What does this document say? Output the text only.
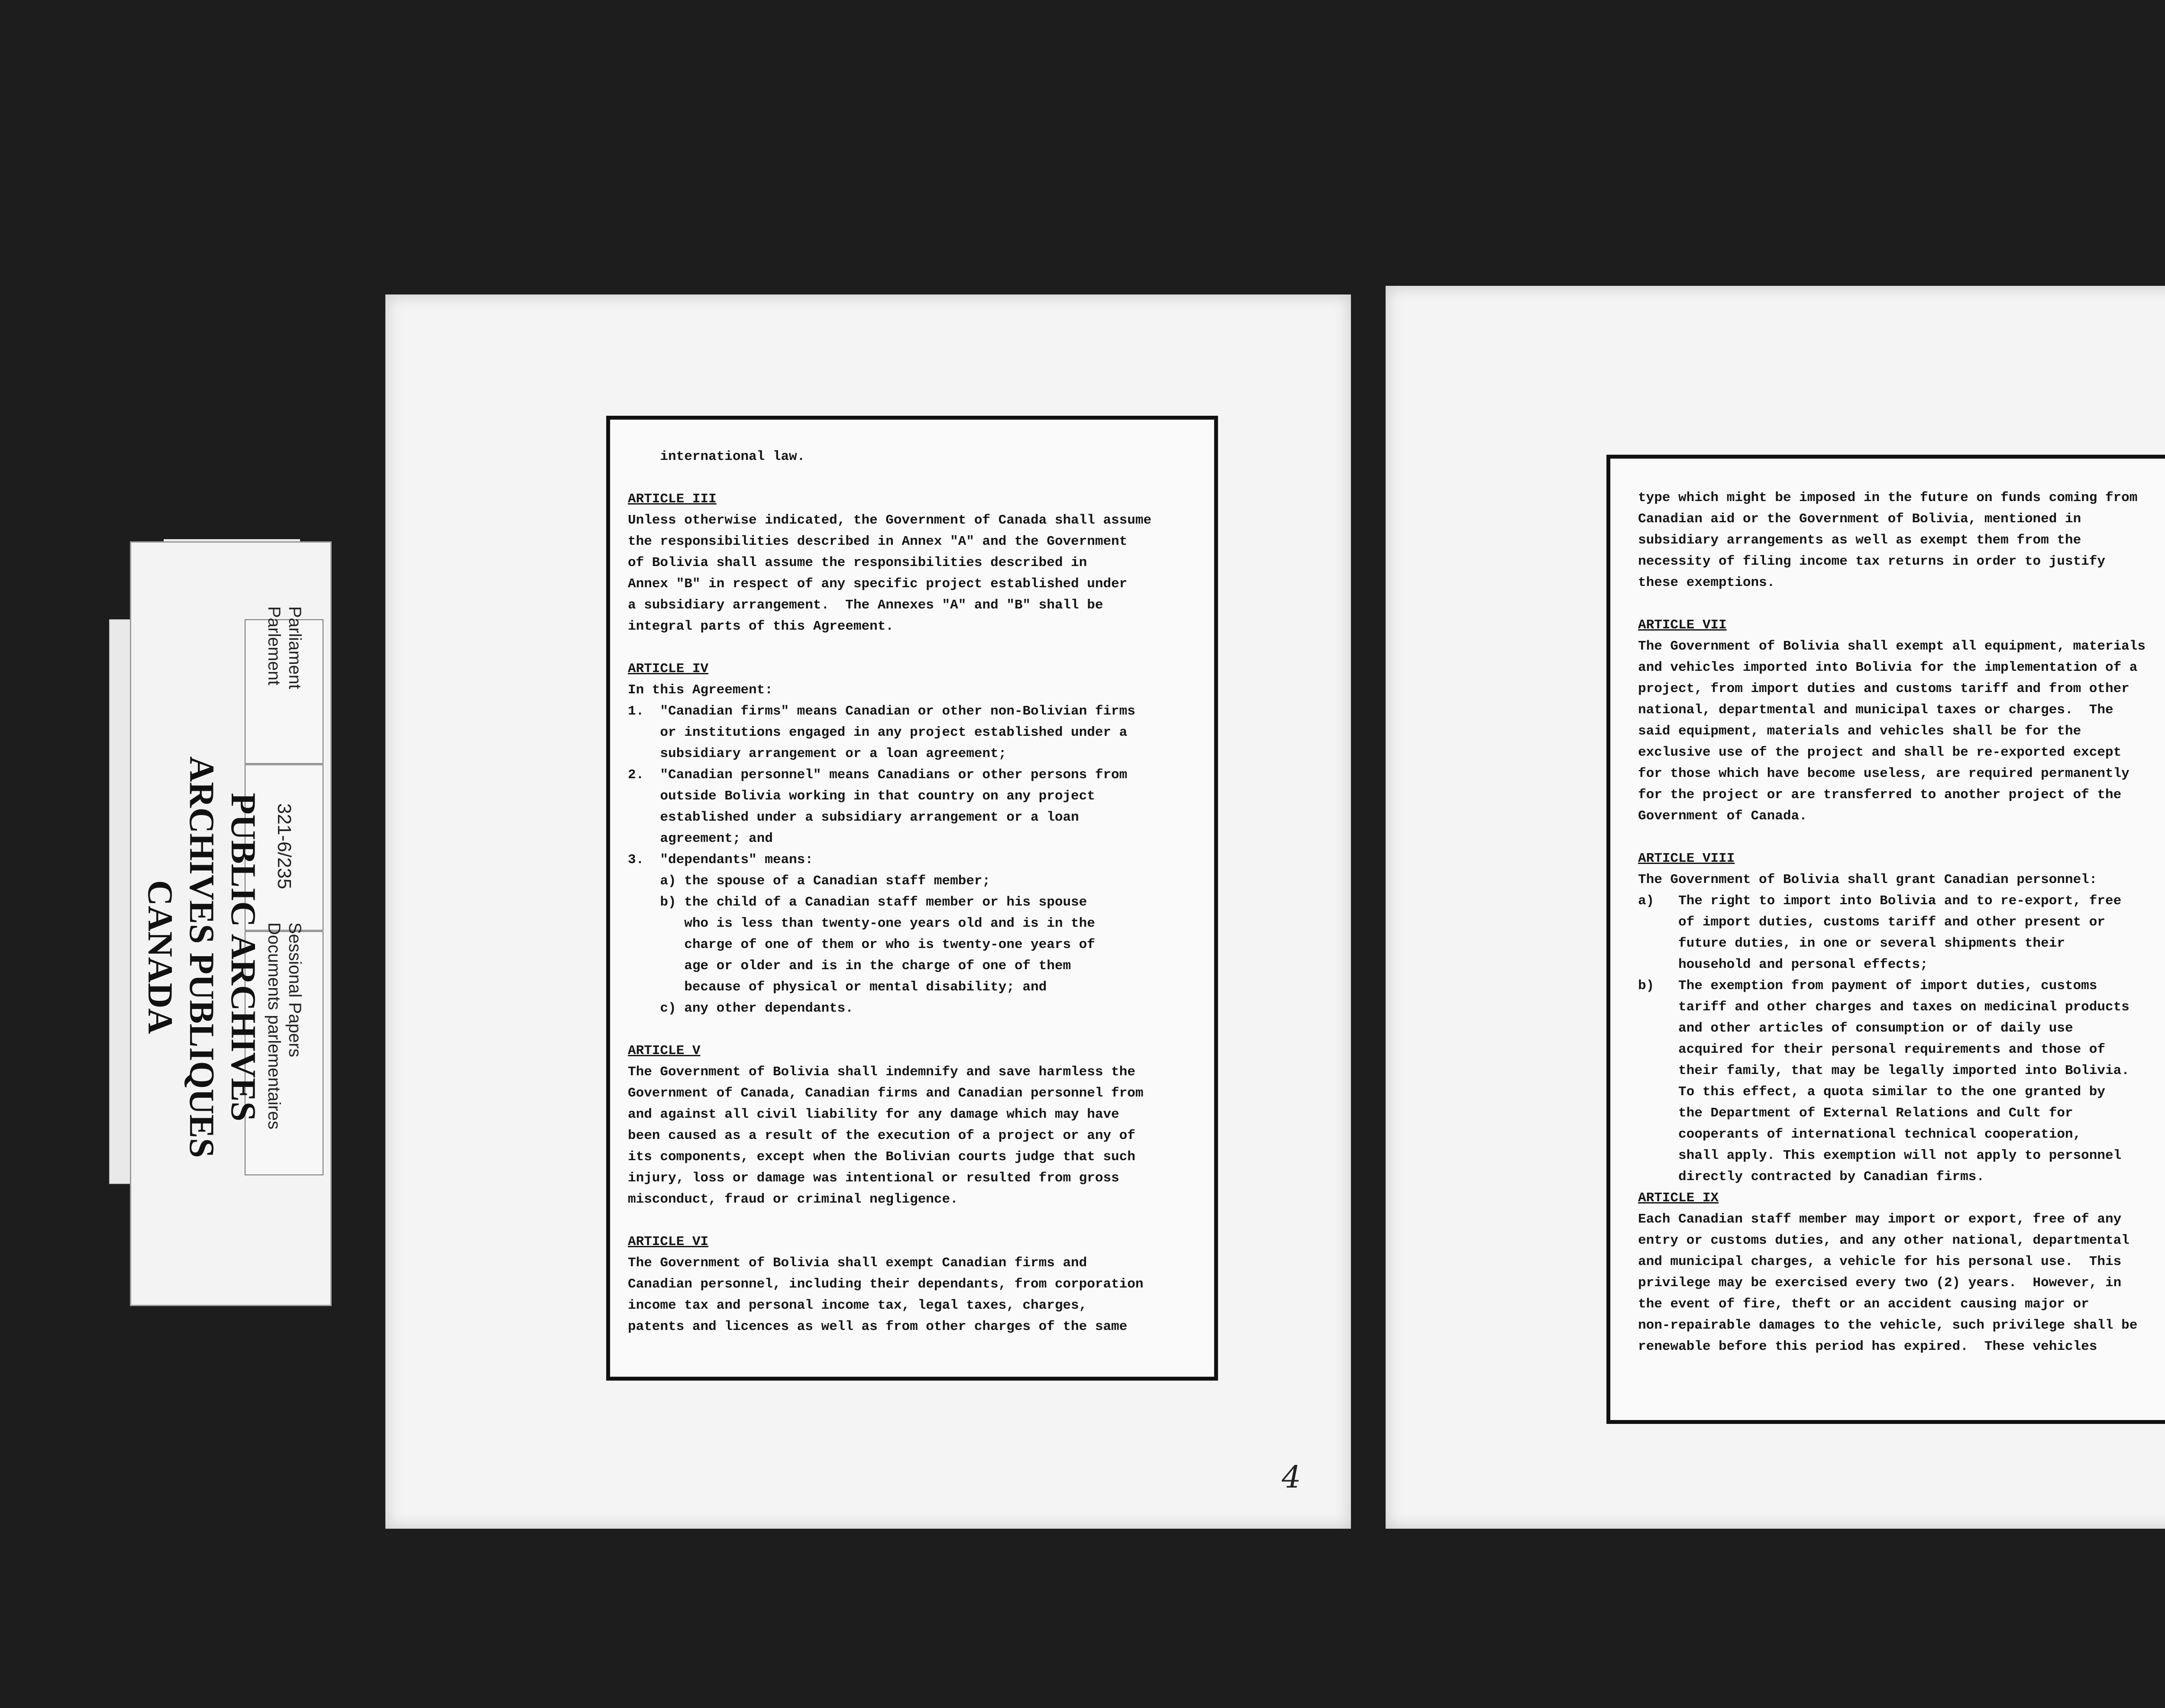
PUBLIC ARCHIVES
ARCHIVES PUBLIQUES
CANADA
Parliament
Parlement
321-6/235
Sessional Papers
Documents parlementaires
international law.

ARTICLE III
Unless otherwise indicated, the Government of Canada shall assume
the responsibilities described in Annex "A" and the Government
of Bolivia shall assume the responsibilities described in
Annex "B" in respect of any specific project established under
a subsidiary arrangement.  The Annexes "A" and "B" shall be
integral parts of this Agreement.

ARTICLE IV
In this Agreement:
1.  "Canadian firms" means Canadian or other non-Bolivian firms
or institutions engaged in any project established under a
subsidiary arrangement or a loan agreement;
2.  "Canadian personnel" means Canadians or other persons from
outside Bolivia working in that country on any project
established under a subsidiary arrangement or a loan
agreement; and
3.  "dependants" means:
a) the spouse of a Canadian staff member;
b) the child of a Canadian staff member or his spouse
who is less than twenty-one years old and is in the
charge of one of them or who is twenty-one years of
age or older and is in the charge of one of them
because of physical or mental disability; and
c) any other dependants.

ARTICLE V
The Government of Bolivia shall indemnify and save harmless the
Government of Canada, Canadian firms and Canadian personnel from
and against all civil liability for any damage which may have
been caused as a result of the execution of a project or any of
its components, except when the Bolivian courts judge that such
injury, loss or damage was intentional or resulted from gross
misconduct, fraud or criminal negligence.

ARTICLE VI
The Government of Bolivia shall exempt Canadian firms and
Canadian personnel, including their dependants, from corporation
income tax and personal income tax, legal taxes, charges,
patents and licences as well as from other charges of the same
4
type which might be imposed in the future on funds coming from
Canadian aid or the Government of Bolivia, mentioned in
subsidiary arrangements as well as exempt them from the
necessity of filing income tax returns in order to justify
these exemptions.

ARTICLE VII
The Government of Bolivia shall exempt all equipment, materials
and vehicles imported into Bolivia for the implementation of a
project, from import duties and customs tariff and from other
national, departmental and municipal taxes or charges.  The
said equipment, materials and vehicles shall be for the
exclusive use of the project and shall be re-exported except
for those which have become useless, are required permanently
for the project or are transferred to another project of the
Government of Canada.

ARTICLE VIII
The Government of Bolivia shall grant Canadian personnel:
a)   The right to import into Bolivia and to re-export, free
of import duties, customs tariff and other present or
future duties, in one or several shipments their
household and personal effects;
b)   The exemption from payment of import duties, customs
tariff and other charges and taxes on medicinal products
and other articles of consumption or of daily use
acquired for their personal requirements and those of
their family, that may be legally imported into Bolivia.
To this effect, a quota similar to the one granted by
the Department of External Relations and Cult for
cooperants of international technical cooperation,
shall apply. This exemption will not apply to personnel
directly contracted by Canadian firms.
ARTICLE IX
Each Canadian staff member may import or export, free of any
entry or customs duties, and any other national, departmental
and municipal charges, a vehicle for his personal use.  This
privilege may be exercised every two (2) years.  However, in
the event of fire, theft or an accident causing major or
non-repairable damages to the vehicle, such privilege shall be
renewable before this period has expired.  These vehicles
